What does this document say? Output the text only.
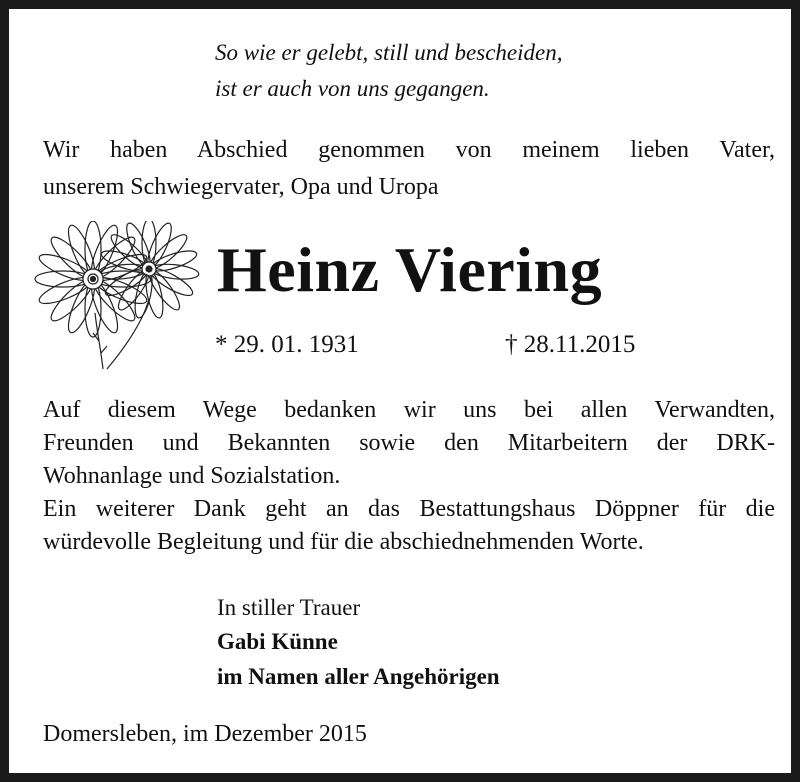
So wie er gelebt, still und bescheiden,
ist er auch von uns gegangen.
Wir haben Abschied genommen von meinem lieben Vater,
unserem Schwiegervater, Opa und Uropa
Heinz Viering
* 29. 01. 1931	† 28.11.2015
Auf diesem Wege bedanken wir uns bei allen Verwandten,
Freunden und Bekannten sowie den Mitarbeitern der DRK-
Wohnanlage und Sozialstation.
Ein weiterer Dank geht an das Bestattungshaus Döppner für die
würdevolle Begleitung und für die abschiednehmenden Worte.
In stiller Trauer
Gabi Künne
im Namen aller Angehörigen
Domersleben, im Dezember 2015
